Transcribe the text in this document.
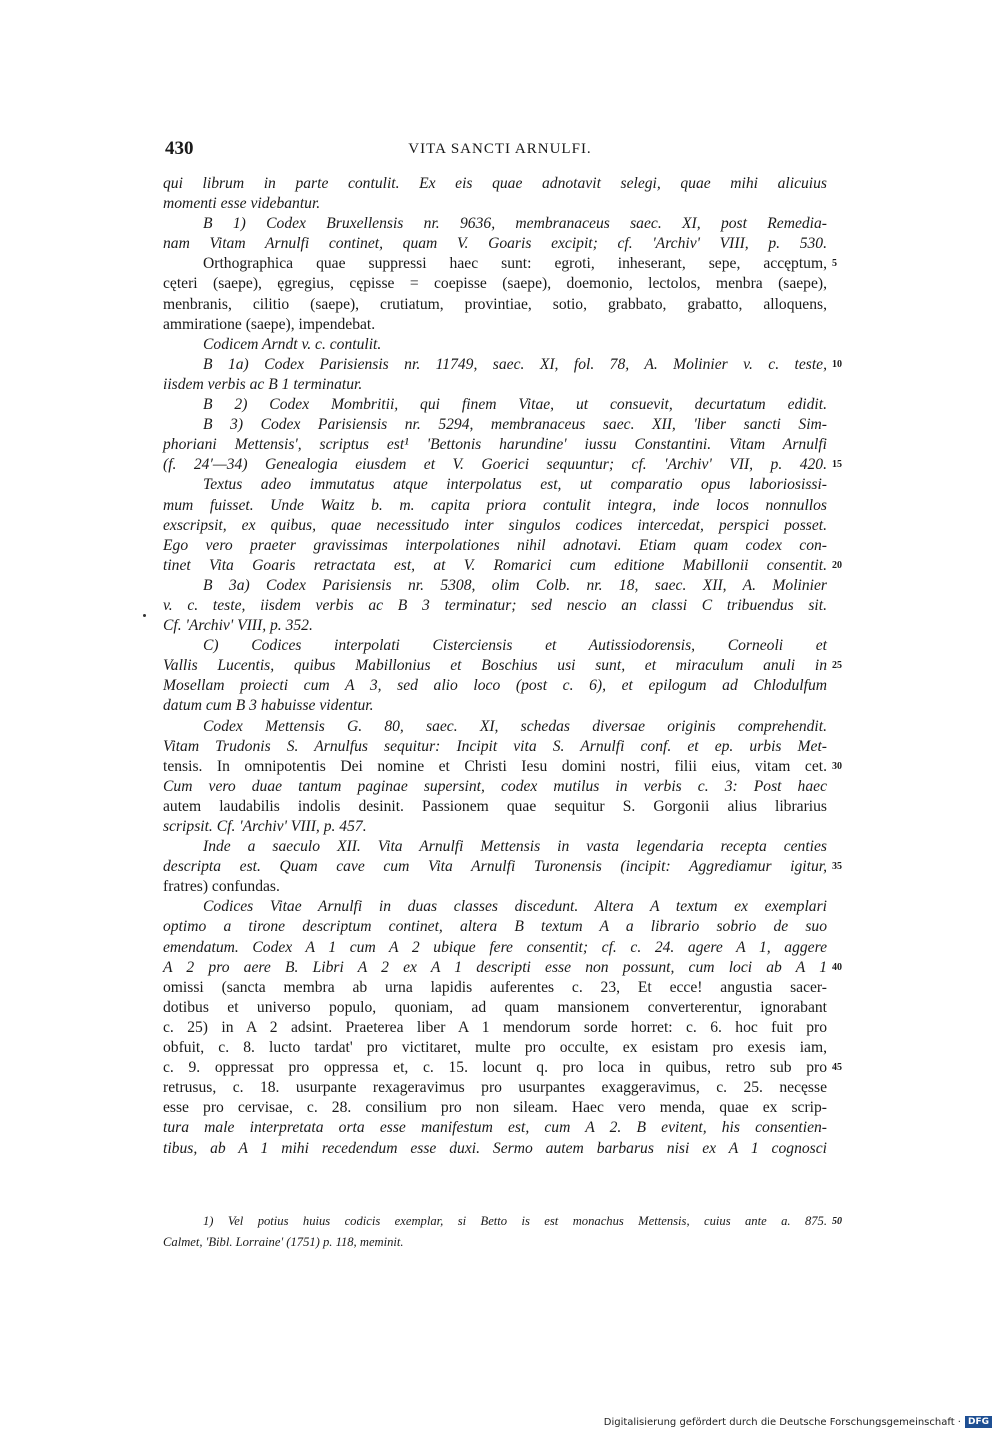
430	VITA SANCTI ARNULFI.
qui librum in parte contulit. Ex eis quae adnotavit selegi, quae mihi alicuius
momenti esse videbantur.
B 1) Codex Bruxellensis nr. 9636, membranaceus saec. XI, post Remedia-
nam Vitam Arnulfi continet, quam V. Goaris excipit; cf. 'Archiv' VIII, p. 530.
Orthographica quae suppressi haec sunt: egroti, inheserant, sepe, accęptum, 5
cęteri (saepe), ęgregius, cępisse = coepisse (saepe), doemonio, lectolos, menbra (saepe),
menbranis, cilitio (saepe), crutiatum, provintiae, sotio, grabbato, grabatto, alloquens,
ammiratione (saepe), impendebat.
Codicem Arndt v. c. contulit.
B 1a) Codex Parisiensis nr. 11749, saec. XI, fol. 78, A. Molinier v. c. teste, 10
iisdem verbis ac B 1 terminatur.
B 2) Codex Mombritii, qui finem Vitae, ut consuevit, decurtatum edidit.
B 3) Codex Parisiensis nr. 5294, membranaceus saec. XII, 'liber sancti Sim-
phoriani Mettensis', scriptus est¹ 'Bettonis harundine' iussu Constantini. Vitam Arnulfi
(f. 24′—34) Genealogia eiusdem et V. Goerici sequuntur; cf. 'Archiv' VII, p. 420. 15
Textus adeo immutatus atque interpolatus est, ut comparatio opus laboriosissi-
mum fuisset. Unde Waitz b. m. capita priora contulit integra, inde locos nonnullos
exscripsit, ex quibus, quae necessitudo inter singulos codices intercedat, perspici posset.
Ego vero praeter gravissimas interpolationes nihil adnotavi. Etiam quam codex con-
tinet Vita Goaris retractata est, at V. Romarici cum editione Mabillonii consentit. 20
B 3a) Codex Parisiensis nr. 5308, olim Colb. nr. 18, saec. XII, A. Molinier
v. c. teste, iisdem verbis ac B 3 terminatur; sed nescio an classi C tribuendus sit.
Cf. 'Archiv' VIII, p. 352.
C) Codices interpolati Cisterciensis et Autissiodorensis, Corneoli et
Vallis Lucentis, quibus Mabillonius et Boschius usi sunt, et miraculum anuli in 25
Mosellam proiecti cum A 3, sed alio loco (post c. 6), et epilogum ad Chlodulfum
datum cum B 3 habuisse videntur.
Codex Mettensis G. 80, saec. XI, schedas diversae originis comprehendit.
Vitam Trudonis S. Arnulfus sequitur: Incipit vita S. Arnulfi conf. et ep. urbis Met-
tensis. In omnipotentis Dei nomine et Christi Iesu domini nostri, filii eius, vitam cet. 30
Cum vero duae tantum paginae supersint, codex mutilus in verbis c. 3: Post haec
autem laudabilis indolis desinit. Passionem quae sequitur S. Gorgonii alius librarius
scripsit. Cf. 'Archiv' VIII, p. 457.
Inde a saeculo XII. Vita Arnulfi Mettensis in vasta legendaria recepta centies
descripta est. Quam cave cum Vita Arnulfi Turonensis (incipit: Aggrediamur igitur, 35
fratres) confundas.
Codices Vitae Arnulfi in duas classes discedunt. Altera A textum ex exemplari
optimo a tirone descriptum continet, altera B textum A a librario sobrio de suo
emendatum. Codex A 1 cum A 2 ubique fere consentit; cf. c. 24. agere A 1, aggere
A 2 pro aere B. Libri A 2 ex A 1 descripti esse non possunt, cum loci ab A 1 40
omissi (sancta membra ab urna lapidis auferentes c. 23, Et ecce! angustia sacer-
dotibus et universo populo, quoniam, ad quam mansionem converterentur, ignorabant
c. 25) in A 2 adsint. Praeterea liber A 1 mendorum sorde horret: c. 6. hoc fuit pro
obfuit, c. 8. lucto tardat' pro victitaret, multe pro occulte, ex esistam pro exesis iam,
c. 9. oppressat pro oppressa et, c. 15. locunt q. pro loca in quibus, retro sub pro 45
retrusus, c. 18. usurpante rexageravimus pro usurpantes exaggeravimus, c. 25. necęsse
esse pro cervisae, c. 28. consilium pro non sileam. Haec vero menda, quae ex scrip-
tura male interpretata orta esse manifestum est, cum A 2. B evitent, his consentien-
tibus, ab A 1 mihi recedendum esse duxi. Sermo autem barbarus nisi ex A 1 cognosci
1) Vel potius huius codicis exemplar, si Betto is est monachus Mettensis, cuius ante a. 875. 50
Calmet, 'Bibl. Lorraine' (1751) p. 118, meminit.
Digitalisierung gefördert durch die Deutsche Forschungsgemeinschaft · DFG
